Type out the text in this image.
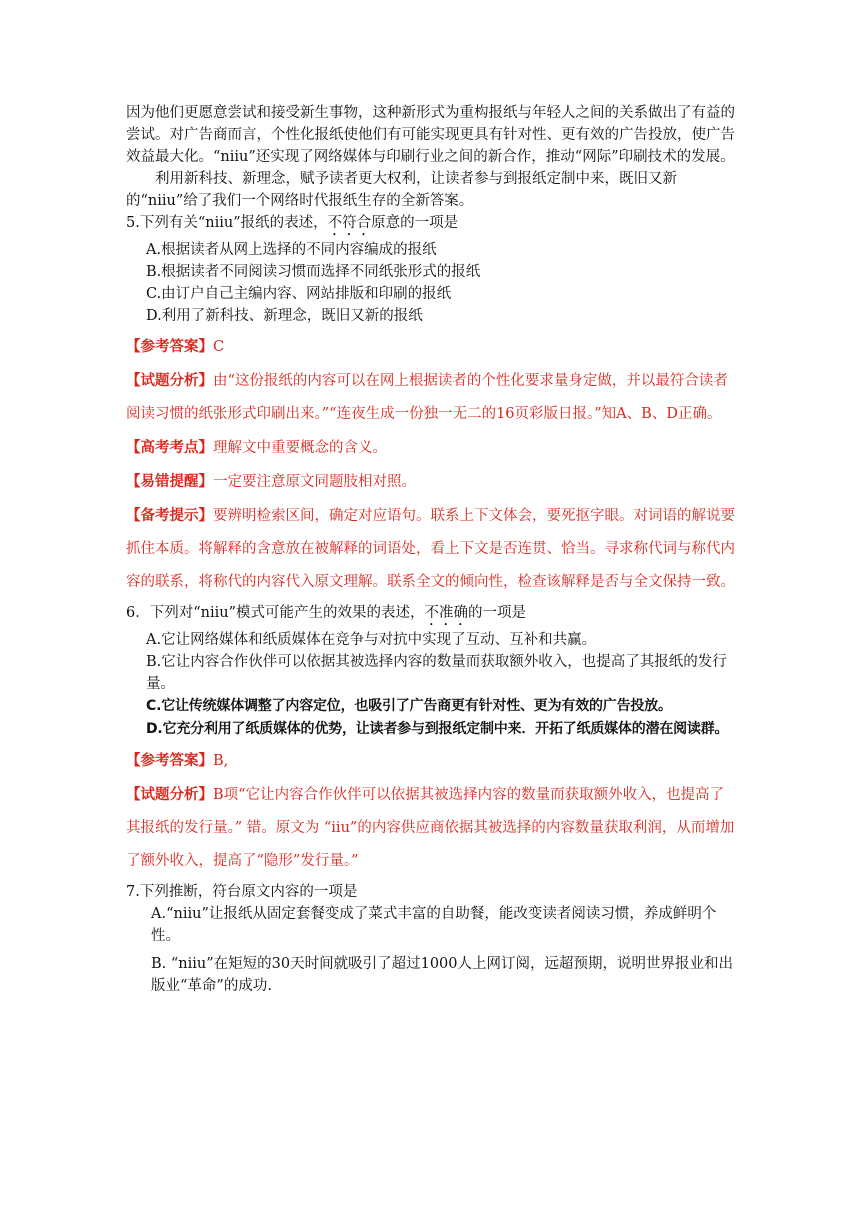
因为他们更愿意尝试和接受新生事物，这种新形式为重构报纸与年轻人之间的关系做出了有益的尝试。对广告商而言，个性化报纸使他们有可能实现更具有针对性、更有效的广告投放，使广告效益最大化。“niiu”还实现了网络媒体与印刷行业之间的新合作，推动“网际”印刷技术的发展。

利用新科技、新理念，赋予读者更大权利，让读者参与到报纸定制中来，既旧又新的“niiu”给了我们一个网络时代报纸生存的全新答案。

5.下列有关“niiu”报纸的表述，不符合原意的一项是

A.根据读者从网上选择的不同内容编成的报纸

B.根据读者不同阅读习惯而选择不同纸张形式的报纸

C.由订户自己主编内容、网站排版和印刷的报纸

D.利用了新科技、新理念，既旧又新的报纸

【参考答案】C

【试题分析】由“这份报纸的内容可以在网上根据读者的个性化要求量身定做，并以最符合读者阅读习惯的纸张形式印刷出来。”“连夜生成一份独一无二的16页彩版日报。”知A、B、D正确。

【高考考点】理解文中重要概念的含义。

【易错提醒】一定要注意原文同题肢相对照。

【备考提示】要辨明检索区间，确定对应语句。联系上下文体会，要死抠字眼。对词语的解说要抓住本质。将解释的含意放在被解释的词语处，看上下文是否连贯、恰当。寻求称代词与称代内容的联系，将称代的内容代入原文理解。联系全文的倾向性，检查该解释是否与全文保持一致。

6．下列对“niiu”模式可能产生的效果的表述，不准确的一项是

A.它让网络媒体和纸质媒体在竞争与对抗中实现了互动、互补和共赢。

B.它让内容合作伙伴可以依据其被选择内容的数量而获取额外收入，也提高了其报纸的发行量。

C.它让传统媒体调整了内容定位，也吸引了广告商更有针对性、更为有效的广告投放。

D.它充分利用了纸质媒体的优势，让读者参与到报纸定制中来．开拓了纸质媒体的潜在阅读群。

【参考答案】B,

【试题分析】B项“它让内容合作伙伴可以依据其被选择内容的数量而获取额外收入，也提高了其报纸的发行量。” 错。原文为 “iiu”的内容供应商依据其被选择的内容数量获取利润，从而增加了额外收入，提高了“隐形”发行量。”

7.下列推断，符台原文内容的一项是

A.“niiu”让报纸从固定套餐变成了菜式丰富的自助餐，能改变读者阅读习惯，养成鲜明个性。

B. “niiu”在矩短的30天时间就吸引了超过1000人上网订阅，远超预期，说明世界报业和出版业“革命”的成功.
